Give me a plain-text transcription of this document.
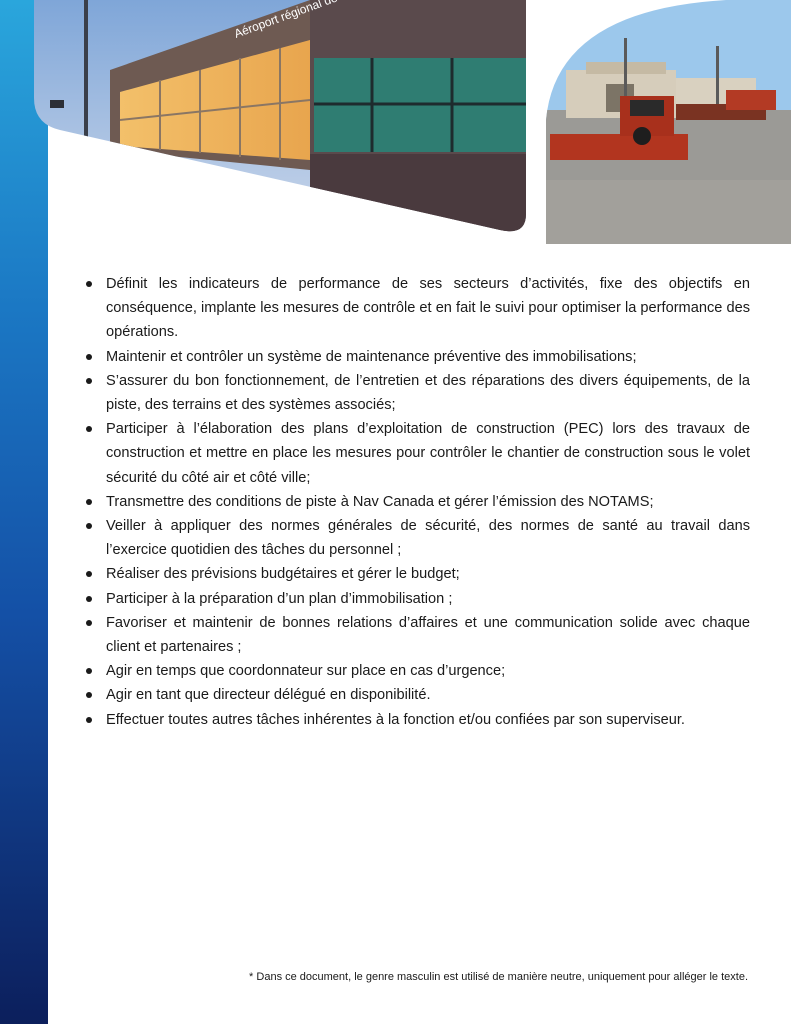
Aéroport régional
Définit les indicateurs de performance de ses secteurs d’activités, fixe des objectifs en conséquence, implante les mesures de contrôle et en fait le suivi pour optimiser la performance des opérations.
Maintenir et contrôler un système de maintenance préventive des immobilisations;
S’assurer du bon fonctionnement, de l’entretien et des réparations des divers équipements, de la piste, des terrains et des systèmes associés;
Participer à l’élaboration des plans d’exploitation de construction (PEC) lors des travaux de construction et mettre en place les mesures pour contrôler le chantier de construction sous le volet sécurité du côté air et côté ville;
Transmettre des conditions de piste à Nav Canada et gérer l’émission des NOTAMS;
Veiller à appliquer des normes générales de sécurité, des normes de santé au travail dans l’exercice quotidien des tâches du personnel ;
Réaliser des prévisions budgétaires et gérer le budget;
Participer à la préparation d’un plan d’immobilisation ;
Favoriser et maintenir de bonnes relations d’affaires et une communication solide avec chaque client et partenaires ;
Agir en temps que coordonnateur sur place en cas d’urgence;
Agir en tant que directeur délégué en disponibilité.
Effectuer toutes autres tâches inhérentes à la fonction et/ou confiées par son superviseur.
* Dans ce document, le genre masculin est utilisé de manière neutre, uniquement pour alléger le texte.
